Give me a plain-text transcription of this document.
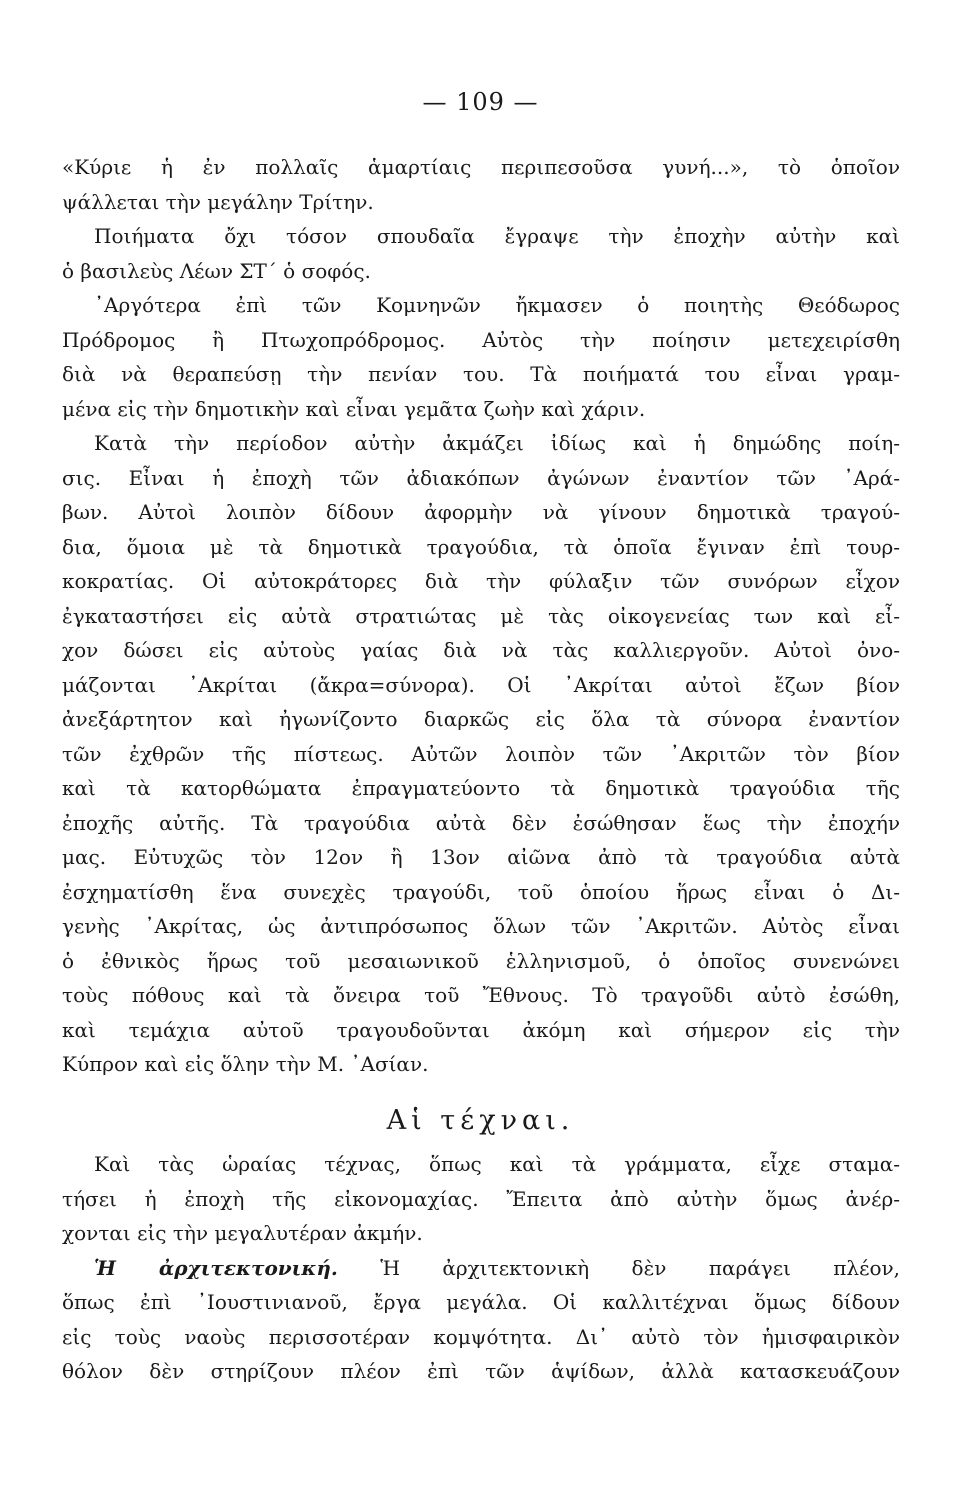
— 109 —
«Κύριε ἡ ἐν πολλαῖς ἁμαρτίαις περιπεσοῦσα γυνή...», τὸ ὁποῖον
ψάλλεται τὴν μεγάλην Τρίτην.
Ποιήματα ὄχι τόσον σπουδαῖα ἔγραψε τὴν ἐποχὴν αὐτὴν καὶ
ὁ βασιλεὺς Λέων ΣΤ΄ ὁ σοφός.
᾿Αργότερα ἐπὶ τῶν Κομνηνῶν ἤκμασεν ὁ ποιητὴς Θεόδωρος
Πρόδρομος ἢ Πτωχοπρόδρομος. Αὐτὸς τὴν ποίησιν μετεχειρίσθη
διὰ νὰ θεραπεύσῃ τὴν πενίαν του. Τὰ ποιήματά του εἶναι γραμ-
μένα εἰς τὴν δημοτικὴν καὶ εἶναι γεμᾶτα ζωὴν καὶ χάριν.
Κατὰ τὴν περίοδον αὐτὴν ἀκμάζει ἰδίως καὶ ἡ δημώδης ποίη-
σις. Εἶναι ἡ ἐποχὴ τῶν ἀδιακόπων ἀγώνων ἐναντίον τῶν ᾿Αρά-
βων. Αὐτοὶ λοιπὸν δίδουν ἀφορμὴν νὰ γίνουν δημοτικὰ τραγού-
δια, ὅμοια μὲ τὰ δημοτικὰ τραγούδια, τὰ ὁποῖα ἔγιναν ἐπὶ τουρ-
κοκρατίας. Οἱ αὐτοκράτορες διὰ τὴν φύλαξιν τῶν συνόρων εἶχον
ἐγκαταστήσει εἰς αὐτὰ στρατιώτας μὲ τὰς οἰκογενείας των καὶ εἶ-
χον δώσει εἰς αὐτοὺς γαίας διὰ νὰ τὰς καλλιεργοῦν. Αὐτοὶ ὀνο-
μάζονται ᾿Ακρίται (ἄκρα=σύνορα). Οἱ ᾿Ακρίται αὐτοὶ ἔζων βίον
ἀνεξάρτητον καὶ ἠγωνίζοντο διαρκῶς εἰς ὅλα τὰ σύνορα ἐναντίον
τῶν ἐχθρῶν τῆς πίστεως. Αὐτῶν λοιπὸν τῶν ᾿Ακριτῶν τὸν βίον
καὶ τὰ κατορθώματα ἐπραγματεύοντο τὰ δημοτικὰ τραγούδια τῆς
ἐποχῆς αὐτῆς. Τὰ τραγούδια αὐτὰ δὲν ἐσώθησαν ἕως τὴν ἐποχήν
μας. Εὐτυχῶς τὸν 12ον ἢ 13ον αἰῶνα ἀπὸ τὰ τραγούδια αὐτὰ
ἐσχηματίσθη ἕνα συνεχὲς τραγούδι, τοῦ ὁποίου ἥρως εἶναι ὁ Δι-
γενὴς ᾿Ακρίτας, ὡς ἀντιπρόσωπος ὅλων τῶν ᾿Ακριτῶν. Αὐτὸς εἶναι
ὁ ἐθνικὸς ἥρως τοῦ μεσαιωνικοῦ ἑλληνισμοῦ, ὁ ὁποῖος συνενώνει
τοὺς πόθους καὶ τὰ ὄνειρα τοῦ Ἔθνους. Τὸ τραγοῦδι αὐτὸ ἐσώθη,
καὶ τεμάχια αὐτοῦ τραγουδοῦνται ἀκόμη καὶ σήμερον εἰς τὴν
Κύπρον καὶ εἰς ὅλην τὴν Μ. ᾿Ασίαν.
Αἱ τέχναι.
Καὶ τὰς ὡραίας τέχνας, ὅπως καὶ τὰ γράμματα, εἶχε σταμα-
τήσει ἡ ἐποχὴ τῆς εἰκονομαχίας. Ἔπειτα ἀπὸ αὐτὴν ὅμως ἀνέρ-
χονται εἰς τὴν μεγαλυτέραν ἀκμήν.
Ἡ ἀρχιτεκτονική. Ἡ ἀρχιτεκτονικὴ δὲν παράγει πλέον,
ὅπως ἐπὶ ᾿Ιουστινιανοῦ, ἔργα μεγάλα. Οἱ καλλιτέχναι ὅμως δίδουν
εἰς τοὺς ναοὺς περισσοτέραν κομψότητα. Δι᾿ αὐτὸ τὸν ἡμισφαιρικὸν
θόλον δὲν στηρίζουν πλέον ἐπὶ τῶν ἁψίδων, ἀλλὰ κατασκευάζουν
